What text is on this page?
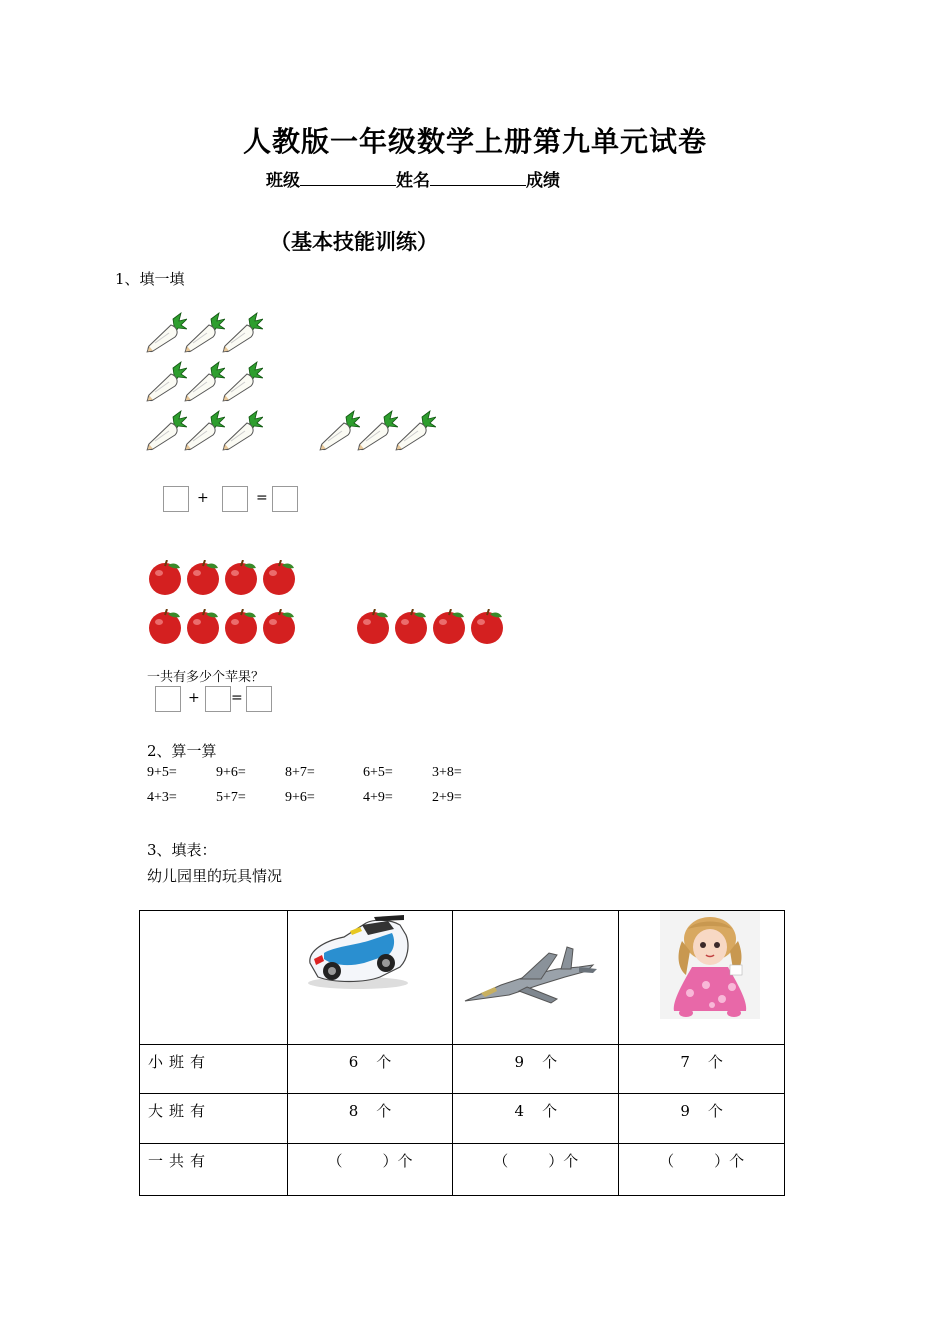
人教版一年级数学上册第九单元试卷
班级	姓名	成绩
（基本技能训练）
1、填一填
+	=
一共有多少个苹果？
+ =
2、算一算
9+5=	9+6=	8+7=	6+5=	3+8=
4+3=	5+7=	9+6=	4+9=	2+9=
3、填表：
幼儿园里的玩具情况

小班有	6 个	9 个	7 个
大班有	8 个	4 个	9 个
一共有	（ ）个	（ ）个	（ ）个
